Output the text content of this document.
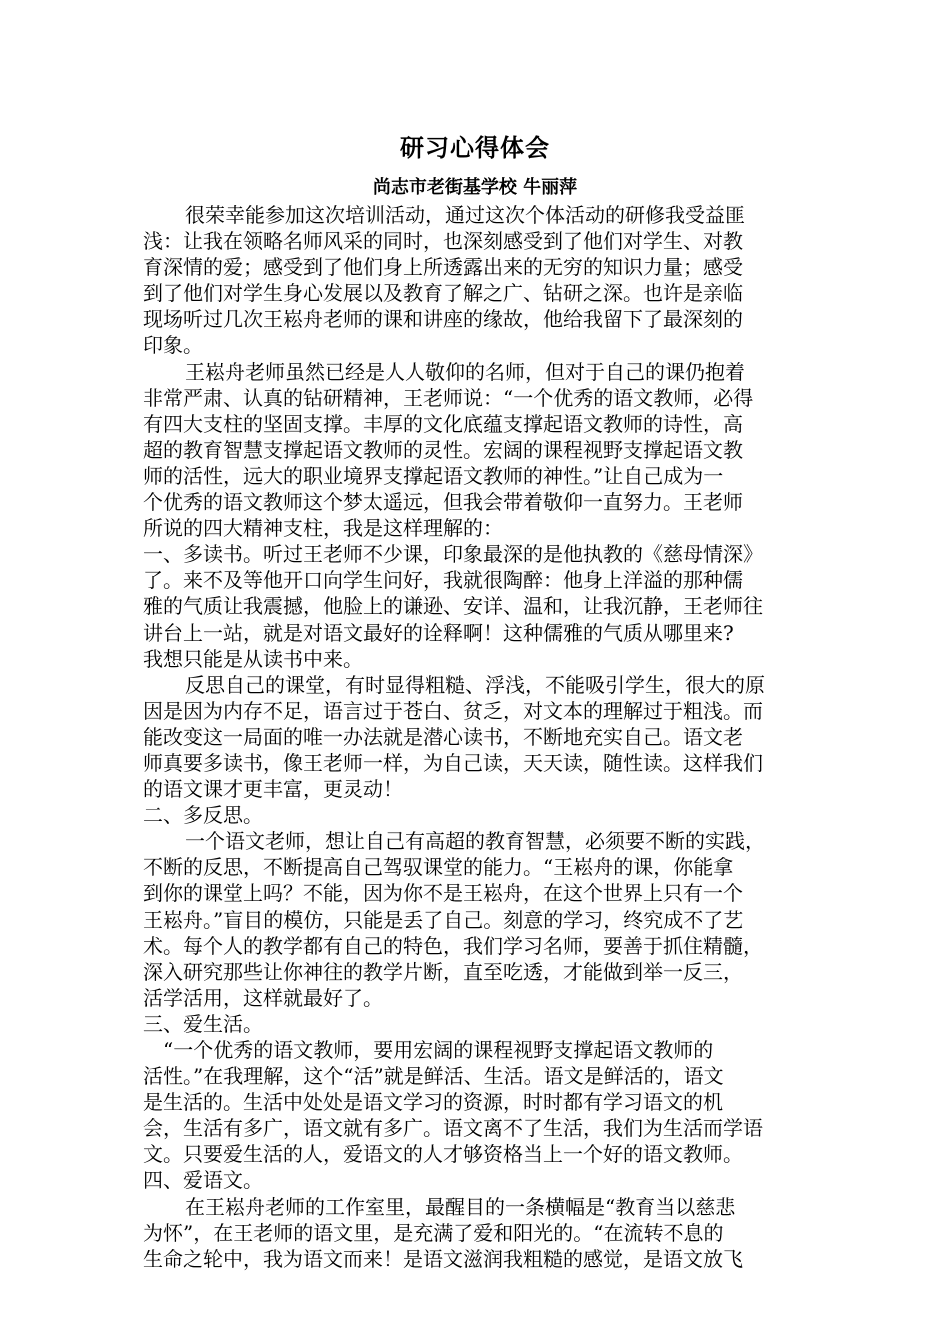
研习心得体会
尚志市老街基学校 牛丽萍
很荣幸能参加这次培训活动，通过这次个体活动的研修我受益匪
浅：让我在领略名师风采的同时，也深刻感受到了他们对学生、对教
育深情的爱；感受到了他们身上所透露出来的无穷的知识力量；感受
到了他们对学生身心发展以及教育了解之广、钻研之深。也许是亲临
现场听过几次王崧舟老师的课和讲座的缘故，他给我留下了最深刻的
印象。
王崧舟老师虽然已经是人人敬仰的名师，但对于自己的课仍抱着
非常严肃、认真的钻研精神，王老师说：“一个优秀的语文教师，必得
有四大支柱的坚固支撑。丰厚的文化底蕴支撑起语文教师的诗性，高
超的教育智慧支撑起语文教师的灵性。宏阔的课程视野支撑起语文教
师的活性，远大的职业境界支撑起语文教师的神性。”让自己成为一
个优秀的语文教师这个梦太遥远，但我会带着敬仰一直努力。王老师
所说的四大精神支柱，我是这样理解的：
一、多读书。听过王老师不少课，印象最深的是他执教的《慈母情深》
了。来不及等他开口向学生问好，我就很陶醉：他身上洋溢的那种儒
雅的气质让我震撼，他脸上的谦逊、安详、温和，让我沉静，王老师往
讲台上一站，就是对语文最好的诠释啊！这种儒雅的气质从哪里来?
我想只能是从读书中来。
反思自己的课堂，有时显得粗糙、浮浅，不能吸引学生，很大的原
因是因为内存不足，语言过于苍白、贫乏，对文本的理解过于粗浅。而
能改变这一局面的唯一办法就是潜心读书，不断地充实自己。语文老
师真要多读书，像王老师一样，为自己读，天天读，随性读。这样我们
的语文课才更丰富，更灵动！
二、多反思。
一个语文老师，想让自己有高超的教育智慧，必须要不断的实践，
不断的反思，不断提高自己驾驭课堂的能力。“王崧舟的课，你能拿
到你的课堂上吗？不能，因为你不是王崧舟，在这个世界上只有一个
王崧舟。”盲目的模仿，只能是丢了自己。刻意的学习，终究成不了艺
术。每个人的教学都有自己的特色，我们学习名师，要善于抓住精髓，
深入研究那些让你神往的教学片断，直至吃透，才能做到举一反三，
活学活用，这样就最好了。
三、爱生活。
“一个优秀的语文教师，要用宏阔的课程视野支撑起语文教师的
活性。”在我理解，这个“活”就是鲜活、生活。语文是鲜活的，语文
是生活的。生活中处处是语文学习的资源，时时都有学习语文的机
会，生活有多广，语文就有多广。语文离不了生活，我们为生活而学语
文。只要爱生活的人，爱语文的人才够资格当上一个好的语文教师。
四、爱语文。
在王崧舟老师的工作室里，最醒目的一条横幅是“教育当以慈悲
为怀”，在王老师的语文里，是充满了爱和阳光的。“在流转不息的
生命之轮中，我为语文而来！是语文滋润我粗糙的感觉，是语文放飞
